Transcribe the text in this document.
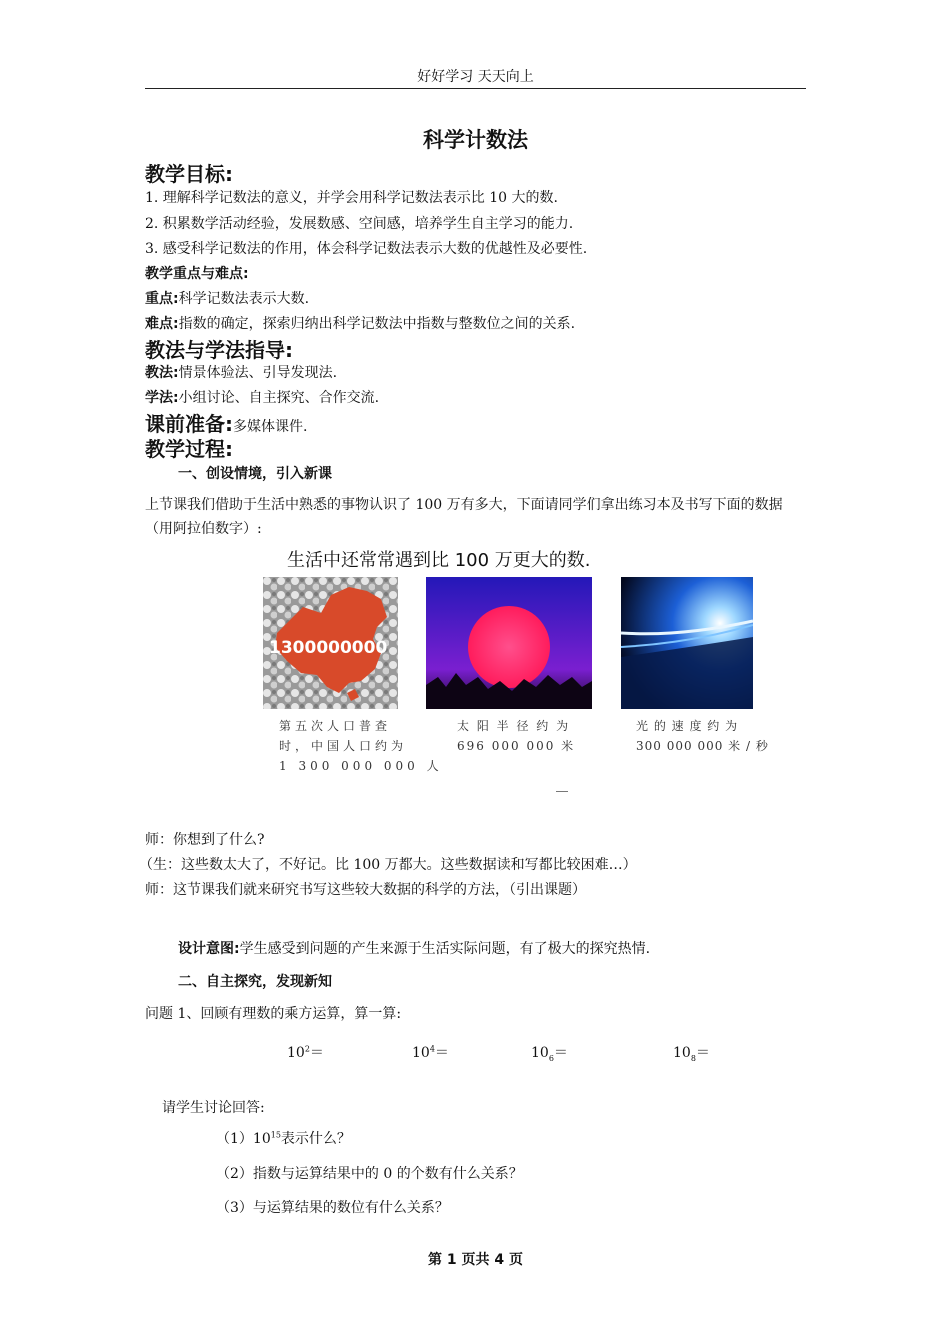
好好学习 天天向上
科学计数法
教学目标:
1. 理解科学记数法的意义，并学会用科学记数法表示比 10 大的数.
2. 积累数学活动经验，发展数感、空间感，培养学生自主学习的能力.
3. 感受科学记数法的作用，体会科学记数法表示大数的优越性及必要性.
教学重点与难点:
重点:科学记数法表示大数.
难点:指数的确定，探索归纳出科学记数法中指数与整数位之间的关系.
教法与学法指导:
教法:情景体验法、引导发现法.
学法:小组讨论、自主探究、合作交流.
课前准备:多媒体课件.
教学过程:
一、创设情境，引入新课
上节课我们借助于生活中熟悉的事物认识了 100 万有多大，下面请同学们拿出练习本及书写下面的数据（用阿拉伯数字）:
生活中还常常遇到比 100 万更大的数.
1300000000
第五次人口普查
时，中国人口约为
1 300 000 000 人
太 阳 半 径 约 为
696 000 000 米
光 的 速 度 约 为
300 000 000 米 / 秒
师：你想到了什么?
（生：这些数太大了，不好记。比 100 万都大。这些数据读和写都比较困难…）
师：这节课我们就来研究书写这些较大数据的科学的方法，（引出课题）
设计意图:学生感受到问题的产生来源于生活实际问题，有了极大的探究热情.
二、自主探究，发现新知
问题 1、回顾有理数的乘方运算，算一算:
$10^2=$	$10^4=$	$10_6=$	$10_8=$
请学生讨论回答:
$(1)10^{15}$表示什么？
（2）指数与运算结果中的 0 的个数有什么关系？
（3）与运算结果的数位有什么关系？
第 1 页共 4 页
